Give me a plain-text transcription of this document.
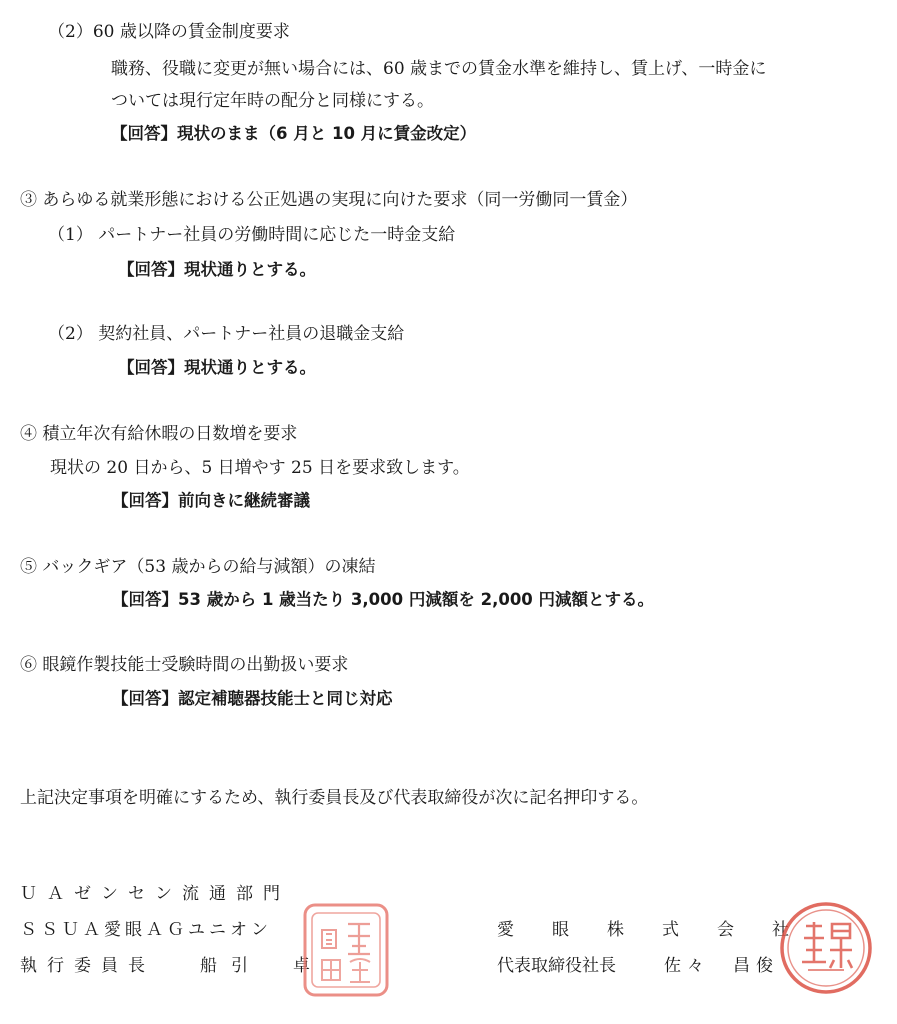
（2）60 歳以降の賃金制度要求
職務、役職に変更が無い場合には、60 歳までの賃金水準を維持し、賃上げ、一時金に
ついては現行定年時の配分と同様にする。
【回答】現状のまま（6 月と 10 月に賃金改定）
③ あらゆる就業形態における公正処遇の実現に向けた要求（同一労働同一賃金）
（1） パートナー社員の労働時間に応じた一時金支給
【回答】現状通りとする。
（2） 契約社員、パートナー社員の退職金支給
【回答】現状通りとする。
④ 積立年次有給休暇の日数増を要求
現状の 20 日から、5 日増やす 25 日を要求致します。
【回答】前向きに継続審議
⑤ バックギア（53 歳からの給与減額）の凍結
【回答】53 歳から 1 歳当たり 3,000 円減額を 2,000 円減額とする。
⑥ 眼鏡作製技能士受験時間の出勤扱い要求
【回答】認定補聴器技能士と同じ対応
上記決定事項を明確にするため、執行委員長及び代表取締役が次に記名押印する。
ＵＡゼンセン流通部門
ＳＳＵＡ愛眼ＡＧユニオン
執行委員長	船引　卓
愛眼株式会社
代表取締役社長	佐々　昌俊
